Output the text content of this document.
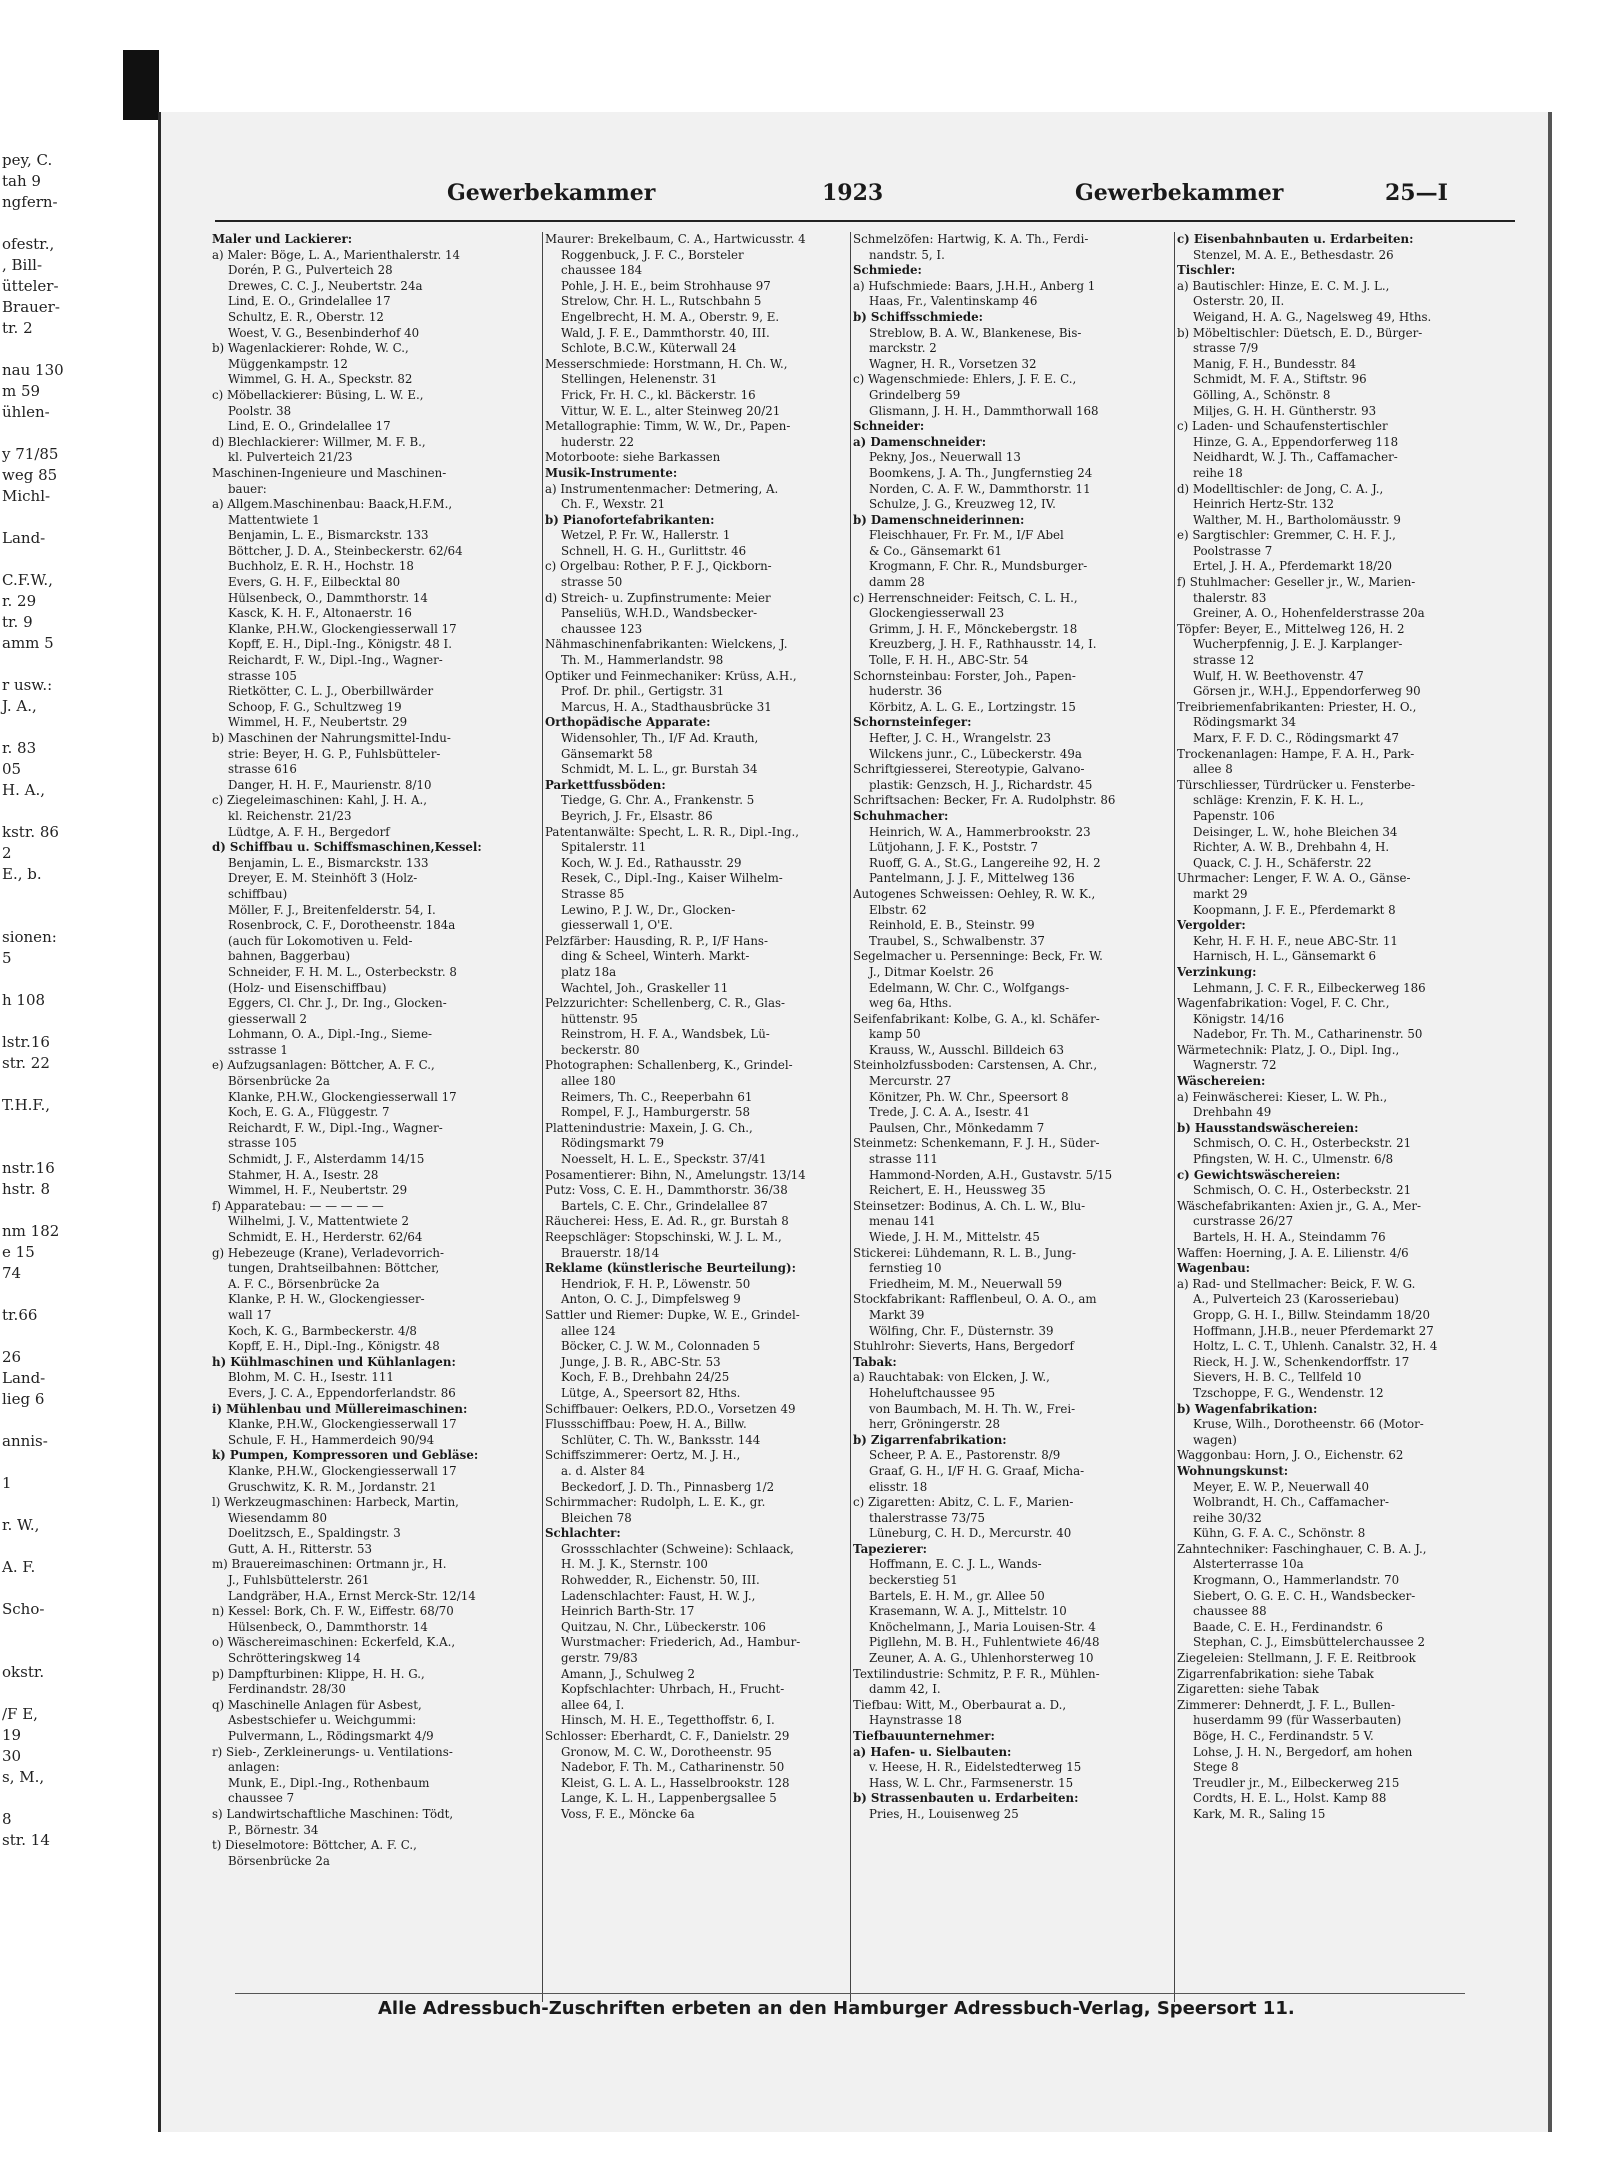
pey, C.
tah 9
ngfern-
ofestr.,
, Bill-
ütteler-
Brauer-
tr. 2
nau 130
m 59
ühlen-
y 71/85
weg 85
Michl-
Land-
C.F.W.,
r. 29
tr. 9
amm 5
r usw.:
J. A.,
r. 83
05
H. A.,
kstr. 86
2
E., b.
sionen:
5
h 108
lstr.16
str. 22
T.H.F.,
nstr.16
hstr. 8
nm 182
e 15
74
tr.66
26
Land-
lieg 6
annis-
1
r. W.,
A. F.
Scho-
okstr.
/F E,
19
30
s, M.,
8
str. 14
Gewerbekammer	1923	Gewerbekammer	25—I
Maler und Lackierer:
a) Maler: Böge, L. A., Marienthalerstr. 14
Dorén, P. G., Pulverteich 28
Drewes, C. C. J., Neubertstr. 24a
Lind, E. O., Grindelallee 17
Schultz, E. R., Oberstr. 12
Woest, V. G., Besenbinderhof 40
b) Wagenlackierer: Rohde, W. C.,
Müggenkampstr. 12
Wimmel, G. H. A., Speckstr. 82
c) Möbellackierer: Büsing, L. W. E.,
Poolstr. 38
Lind, E. O., Grindelallee 17
d) Blechlackierer: Willmer, M. F. B.,
kl. Pulverteich 21/23
Maschinen-Ingenieure und Maschinen-
bauer:
a) Allgem.Maschinenbau: Baack,H.F.M.,
Mattentwiete 1
Benjamin, L. E., Bismarckstr. 133
Böttcher, J. D. A., Steinbeckerstr. 62/64
Buchholz, E. R. H., Hochstr. 18
Evers, G. H. F., Eilbecktal 80
Hülsenbeck, O., Dammthorstr. 14
Kasck, K. H. F., Altonaerstr. 16
Klanke, P.H.W., Glockengiesserwall 17
Kopff, E. H., Dipl.-Ing., Königstr. 48 I.
Reichardt, F. W., Dipl.-Ing., Wagner-
strasse 105
Rietkötter, C. L. J., Oberbillwärder
Schoop, F. G., Schultzweg 19
Wimmel, H. F., Neubertstr. 29
b) Maschinen der Nahrungsmittel-Indu-
strie: Beyer, H. G. P., Fuhlsbütteler-
strasse 616
Danger, H. H. F., Maurienstr. 8/10
c) Ziegeleimaschinen: Kahl, J. H. A.,
kl. Reichenstr. 21/23
Lüdtge, A. F. H., Bergedorf
d) Schiffbau u. Schiffsmaschinen,Kessel:
Benjamin, L. E., Bismarckstr. 133
Dreyer, E. M. Steinhöft 3 (Holz-
schiffbau)
Möller, F. J., Breitenfelderstr. 54, I.
Rosenbrock, C. F., Dorotheenstr. 184a
(auch für Lokomotiven u. Feld-
bahnen, Baggerbau)
Schneider, F. H. M. L., Osterbeckstr. 8
(Holz- und Eisenschiffbau)
Eggers, Cl. Chr. J., Dr. Ing., Glocken-
giesserwall 2
Lohmann, O. A., Dipl.-Ing., Sieme-
sstrasse 1
e) Aufzugsanlagen: Böttcher, A. F. C.,
Börsenbrücke 2a
Klanke, P.H.W., Glockengiesserwall 17
Koch, E. G. A., Flüggestr. 7
Reichardt, F. W., Dipl.-Ing., Wagner-
strasse 105
Schmidt, J. F., Alsterdamm 14/15
Stahmer, H. A., Isestr. 28
Wimmel, H. F., Neubertstr. 29
f) Apparatebau: — — — — —
Wilhelmi, J. V., Mattentwiete 2
Schmidt, E. H., Herderstr. 62/64
g) Hebezeuge (Krane), Verladevorrich-
tungen, Drahtseilbahnen: Böttcher,
A. F. C., Börsenbrücke 2a
Klanke, P. H. W., Glockengiesser-
wall 17
Koch, K. G., Barmbeckerstr. 4/8
Kopff, E. H., Dipl.-Ing., Königstr. 48
h) Kühlmaschinen und Kühlanlagen:
Blohm, M. C. H., Isestr. 111
Evers, J. C. A., Eppendorferlandstr. 86
i) Mühlenbau und Müllereimaschinen:
Klanke, P.H.W., Glockengiesserwall 17
Schule, F. H., Hammerdeich 90/94
k) Pumpen, Kompressoren und Gebläse:
Klanke, P.H.W., Glockengiesserwall 17
Gruschwitz, K. R. M., Jordanstr. 21
l) Werkzeugmaschinen: Harbeck, Martin,
Wiesendamm 80
Doelitzsch, E., Spaldingstr. 3
Gutt, A. H., Ritterstr. 53
m) Brauereimaschinen: Ortmann jr., H.
J., Fuhlsbüttelerstr. 261
Landgräber, H.A., Ernst Merck-Str. 12/14
n) Kessel: Bork, Ch. F. W., Eiffestr. 68/70
Hülsenbeck, O., Dammthorstr. 14
o) Wäschereimaschinen: Eckerfeld, K.A.,
Schrötteringskweg 14
p) Dampfturbinen: Klippe, H. H. G.,
Ferdinandstr. 28/30
q) Maschinelle Anlagen für Asbest,
Asbestschiefer u. Weichgummi:
Pulvermann, L., Rödingsmarkt 4/9
r) Sieb-, Zerkleinerungs- u. Ventilations-
anlagen:
Munk, E., Dipl.-Ing., Rothenbaum
chaussee 7
s) Landwirtschaftliche Maschinen: Tödt,
P., Börnestr. 34
t) Dieselmotore: Böttcher, A. F. C.,
Börsenbrücke 2a
Maurer: Brekelbaum, C. A., Hartwicusstr. 4
Roggenbuck, J. F. C., Borsteler
chaussee 184
Pohle, J. H. E., beim Strohhause 97
Strelow, Chr. H. L., Rutschbahn 5
Engelbrecht, H. M. A., Oberstr. 9, E.
Wald, J. F. E., Dammthorstr. 40, III.
Schlote, B.C.W., Küterwall 24
Messerschmiede: Horstmann, H. Ch. W.,
Stellingen, Helenenstr. 31
Frick, Fr. H. C., kl. Bäckerstr. 16
Vittur, W. E. L., alter Steinweg 20/21
Metallographie: Timm, W. W., Dr., Papen-
huderstr. 22
Motorboote: siehe Barkassen
Musik-Instrumente:
a) Instrumentenmacher: Detmering, A.
Ch. F., Wexstr. 21
b) Pianofortefabrikanten:
Wetzel, P. Fr. W., Hallerstr. 1
Schnell, H. G. H., Gurlittstr. 46
c) Orgelbau: Rother, P. F. J., Qickborn-
strasse 50
d) Streich- u. Zupfinstrumente: Meier
Panseliüs, W.H.D., Wandsbecker-
chaussee 123
Nähmaschinenfabrikanten: Wielckens, J.
Th. M., Hammerlandstr. 98
Optiker und Feinmechaniker: Krüss, A.H.,
Prof. Dr. phil., Gertigstr. 31
Marcus, H. A., Stadthausbrücke 31
Orthopädische Apparate:
Widensohler, Th., I/F Ad. Krauth,
Gänsemarkt 58
Schmidt, M. L. L., gr. Burstah 34
Parkettfussböden:
Tiedge, G. Chr. A., Frankenstr. 5
Beyrich, J. Fr., Elsastr. 86
Patentanwälte: Specht, L. R. R., Dipl.-Ing.,
Spitalerstr. 11
Koch, W. J. Ed., Rathausstr. 29
Resek, C., Dipl.-Ing., Kaiser Wilhelm-
Strasse 85
Lewino, P. J. W., Dr., Glocken-
giesserwall 1, O'E.
Pelzfärber: Hausding, R. P., I/F Hans-
ding & Scheel, Winterh. Markt-
platz 18a
Wachtel, Joh., Graskeller 11
Pelzzurichter: Schellenberg, C. R., Glas-
hüttenstr. 95
Reinstrom, H. F. A., Wandsbek, Lü-
beckerstr. 80
Photographen: Schallenberg, K., Grindel-
allee 180
Reimers, Th. C., Reeperbahn 61
Rompel, F. J., Hamburgerstr. 58
Plattenindustrie: Maxein, J. G. Ch.,
Rödingsmarkt 79
Noesselt, H. L. E., Speckstr. 37/41
Posamentierer: Bihn, N., Amelungstr. 13/14
Putz: Voss, C. E. H., Dammthorstr. 36/38
Bartels, C. E. Chr., Grindelallee 87
Räucherei: Hess, E. Ad. R., gr. Burstah 8
Reepschläger: Stopschinski, W. J. L. M.,
Brauerstr. 18/14
Reklame (künstlerische Beurteilung):
Hendriok, F. H. P., Löwenstr. 50
Anton, O. C. J., Dimpfelsweg 9
Sattler und Riemer: Dupke, W. E., Grindel-
allee 124
Böcker, C. J. W. M., Colonnaden 5
Junge, J. B. R., ABC-Str. 53
Koch, F. B., Drehbahn 24/25
Lütge, A., Speersort 82, Hths.
Schiffbauer: Oelkers, P.D.O., Vorsetzen 49
Flussschiffbau: Poew, H. A., Billw.
Schlüter, C. Th. W., Banksstr. 144
Schiffszimmerer: Oertz, M. J. H.,
a. d. Alster 84
Beckedorf, J. D. Th., Pinnasberg 1/2
Schirmmacher: Rudolph, L. E. K., gr.
Bleichen 78
Schlachter:
Grossschlachter (Schweine): Schlaack,
H. M. J. K., Sternstr. 100
Rohwedder, R., Eichenstr. 50, III.
Ladenschlachter: Faust, H. W. J.,
Heinrich Barth-Str. 17
Quitzau, N. Chr., Lübeckerstr. 106
Wurstmacher: Friederich, Ad., Hambur-
gerstr. 79/83
Amann, J., Schulweg 2
Kopfschlachter: Uhrbach, H., Frucht-
allee 64, I.
Hinsch, M. H. E., Tegetthoffstr. 6, I.
Schlosser: Eberhardt, C. F., Danielstr. 29
Gronow, M. C. W., Dorotheenstr. 95
Nadebor, F. Th. M., Catharinenstr. 50
Kleist, G. L. A. L., Hasselbrookstr. 128
Lange, K. L. H., Lappenbergsallee 5
Voss, F. E., Möncke 6a
Schmelzöfen: Hartwig, K. A. Th., Ferdi-
nandstr. 5, I.
Schmiede:
a) Hufschmiede: Baars, J.H.H., Anberg 1
Haas, Fr., Valentinskamp 46
b) Schiffsschmiede:
Streblow, B. A. W., Blankenese, Bis-
marckstr. 2
Wagner, H. R., Vorsetzen 32
c) Wagenschmiede: Ehlers, J. F. E. C.,
Grindelberg 59
Glismann, J. H. H., Dammthorwall 168
Schneider:
a) Damenschneider:
Pekny, Jos., Neuerwall 13
Boomkens, J. A. Th., Jungfernstieg 24
Norden, C. A. F. W., Dammthorstr. 11
Schulze, J. G., Kreuzweg 12, IV.
b) Damenschneiderinnen:
Fleischhauer, Fr. Fr. M., I/F Abel
& Co., Gänsemarkt 61
Krogmann, F. Chr. R., Mundsburger-
damm 28
c) Herrenschneider: Feitsch, C. L. H.,
Glockengiesserwall 23
Grimm, J. H. F., Mönckebergstr. 18
Kreuzberg, J. H. F., Rathhausstr. 14, I.
Tolle, F. H. H., ABC-Str. 54
Schornsteinbau: Forster, Joh., Papen-
huderstr. 36
Körbitz, A. L. G. E., Lortzingstr. 15
Schornsteinfeger:
Hefter, J. C. H., Wrangelstr. 23
Wilckens junr., C., Lübeckerstr. 49a
Schriftgiesserei, Stereotypie, Galvano-
plastik: Genzsch, H. J., Richardstr. 45
Schriftsachen: Becker, Fr. A. Rudolphstr. 86
Schuhmacher:
Heinrich, W. A., Hammerbrookstr. 23
Lütjohann, J. F. K., Poststr. 7
Ruoff, G. A., St.G., Langereihe 92, H. 2
Pantelmann, J. J. F., Mittelweg 136
Autogenes Schweissen: Oehley, R. W. K.,
Elbstr. 62
Reinhold, E. B., Steinstr. 99
Traubel, S., Schwalbenstr. 37
Segelmacher u. Persenninge: Beck, Fr. W.
J., Ditmar Koelstr. 26
Edelmann, W. Chr. C., Wolfgangs-
weg 6a, Hths.
Seifenfabrikant: Kolbe, G. A., kl. Schäfer-
kamp 50
Krauss, W., Ausschl. Billdeich 63
Steinholzfussboden: Carstensen, A. Chr.,
Mercurstr. 27
Könitzer, Ph. W. Chr., Speersort 8
Trede, J. C. A. A., Isestr. 41
Paulsen, Chr., Mönkedamm 7
Steinmetz: Schenkemann, F. J. H., Süder-
strasse 111
Hammond-Norden, A.H., Gustavstr. 5/15
Reichert, E. H., Heussweg 35
Steinsetzer: Bodinus, A. Ch. L. W., Blu-
menau 141
Wiede, J. H. M., Mittelstr. 45
Stickerei: Lühdemann, R. L. B., Jung-
fernstieg 10
Friedheim, M. M., Neuerwall 59
Stockfabrikant: Rafflenbeul, O. A. O., am
Markt 39
Wölfing, Chr. F., Düsternstr. 39
Stuhlrohr: Sieverts, Hans, Bergedorf
Tabak:
a) Rauchtabak: von Elcken, J. W.,
Hoheluftchaussee 95
von Baumbach, M. H. Th. W., Frei-
herr, Gröningerstr. 28
b) Zigarrenfabrikation:
Scheer, P. A. E., Pastorenstr. 8/9
Graaf, G. H., I/F H. G. Graaf, Micha-
elisstr. 18
c) Zigaretten: Abitz, C. L. F., Marien-
thalerstrasse 73/75
Lüneburg, C. H. D., Mercurstr. 40
Tapezierer:
Hoffmann, E. C. J. L., Wands-
beckerstieg 51
Bartels, E. H. M., gr. Allee 50
Krasemann, W. A. J., Mittelstr. 10
Knöchelmann, J., Maria Louisen-Str. 4
Pigllehn, M. B. H., Fuhlentwiete 46/48
Zeuner, A. A. G., Uhlenhorsterweg 10
Textilindustrie: Schmitz, P. F. R., Mühlen-
damm 42, I.
Tiefbau: Witt, M., Oberbaurat a. D.,
Haynstrasse 18
Tiefbauunternehmer:
a) Hafen- u. Sielbauten:
v. Heese, H. R., Eidelstedterweg 15
Hass, W. L. Chr., Farmsenerstr. 15
b) Strassenbauten u. Erdarbeiten:
Pries, H., Louisenweg 25
c) Eisenbahnbauten u. Erdarbeiten:
Stenzel, M. A. E., Bethesdastr. 26
Tischler:
a) Bautischler: Hinze, E. C. M. J. L.,
Osterstr. 20, II.
Weigand, H. A. G., Nagelsweg 49, Hths.
b) Möbeltischler: Düetsch, E. D., Bürger-
strasse 7/9
Manig, F. H., Bundesstr. 84
Schmidt, M. F. A., Stiftstr. 96
Gölling, A., Schönstr. 8
Miljes, G. H. H. Güntherstr. 93
c) Laden- und Schaufenstertischler
Hinze, G. A., Eppendorferweg 118
Neidhardt, W. J. Th., Caffamacher-
reihe 18
d) Modelltischler: de Jong, C. A. J.,
Heinrich Hertz-Str. 132
Walther, M. H., Bartholomäusstr. 9
e) Sargtischler: Gremmer, C. H. F. J.,
Poolstrasse 7
Ertel, J. H. A., Pferdemarkt 18/20
f) Stuhlmacher: Geseller jr., W., Marien-
thalerstr. 83
Greiner, A. O., Hohenfelderstrasse 20a
Töpfer: Beyer, E., Mittelweg 126, H. 2
Wucherpfennig, J. E. J. Karplanger-
strasse 12
Wulf, H. W. Beethovenstr. 47
Görsen jr., W.H.J., Eppendorferweg 90
Treibriemenfabrikanten: Priester, H. O.,
Rödingsmarkt 34
Marx, F. F. D. C., Rödingsmarkt 47
Trockenanlagen: Hampe, F. A. H., Park-
allee 8
Türschliesser, Türdrücker u. Fensterbe-
schläge: Krenzin, F. K. H. L.,
Papenstr. 106
Deisinger, L. W., hohe Bleichen 34
Richter, A. W. B., Drehbahn 4, H.
Quack, C. J. H., Schäferstr. 22
Uhrmacher: Lenger, F. W. A. O., Gänse-
markt 29
Koopmann, J. F. E., Pferdemarkt 8
Vergolder:
Kehr, H. F. H. F., neue ABC-Str. 11
Harnisch, H. L., Gänsemarkt 6
Verzinkung:
Lehmann, J. C. F. R., Eilbeckerweg 186
Wagenfabrikation: Vogel, F. C. Chr.,
Königstr. 14/16
Nadebor, Fr. Th. M., Catharinenstr. 50
Wärmetechnik: Platz, J. O., Dipl. Ing.,
Wagnerstr. 72
Wäschereien:
a) Feinwäscherei: Kieser, L. W. Ph.,
Drehbahn 49
b) Hausstandswäschereien:
Schmisch, O. C. H., Osterbeckstr. 21
Pfingsten, W. H. C., Ulmenstr. 6/8
c) Gewichtswäschereien:
Schmisch, O. C. H., Osterbeckstr. 21
Wäschefabrikanten: Axien jr., G. A., Mer-
curstrasse 26/27
Bartels, H. H. A., Steindamm 76
Waffen: Hoerning, J. A. E. Lilienstr. 4/6
Wagenbau:
a) Rad- und Stellmacher: Beick, F. W. G.
A., Pulverteich 23 (Karosseriebau)
Gropp, G. H. I., Billw. Steindamm 18/20
Hoffmann, J.H.B., neuer Pferdemarkt 27
Holtz, L. C. T., Uhlenh. Canalstr. 32, H. 4
Rieck, H. J. W., Schenkendorffstr. 17
Sievers, H. B. C., Tellfeld 10
Tzschoppe, F. G., Wendenstr. 12
b) Wagenfabrikation:
Kruse, Wilh., Dorotheenstr. 66 (Motor-
wagen)
Waggonbau: Horn, J. O., Eichenstr. 62
Wohnungskunst:
Meyer, E. W. P., Neuerwall 40
Wolbrandt, H. Ch., Caffamacher-
reihe 30/32
Kühn, G. F. A. C., Schönstr. 8
Zahntechniker: Faschinghauer, C. B. A. J.,
Alsterterrasse 10a
Krogmann, O., Hammerlandstr. 70
Siebert, O. G. E. C. H., Wandsbecker-
chaussee 88
Baade, C. E. H., Ferdinandstr. 6
Stephan, C. J., Eimsbüttelerchaussee 2
Ziegeleien: Stellmann, J. F. E. Reitbrook
Zigarrenfabrikation: siehe Tabak
Zigaretten: siehe Tabak
Zimmerer: Dehnerdt, J. F. L., Bullen-
huserdamm 99 (für Wasserbauten)
Böge, H. C., Ferdinandstr. 5 V.
Lohse, J. H. N., Bergedorf, am hohen
Stege 8
Treudler jr., M., Eilbeckerweg 215
Cordts, H. E. L., Holst. Kamp 88
Kark, M. R., Saling 15
Alle Adressbuch-Zuschriften erbeten an den Hamburger Adressbuch-Verlag, Speersort 11.
